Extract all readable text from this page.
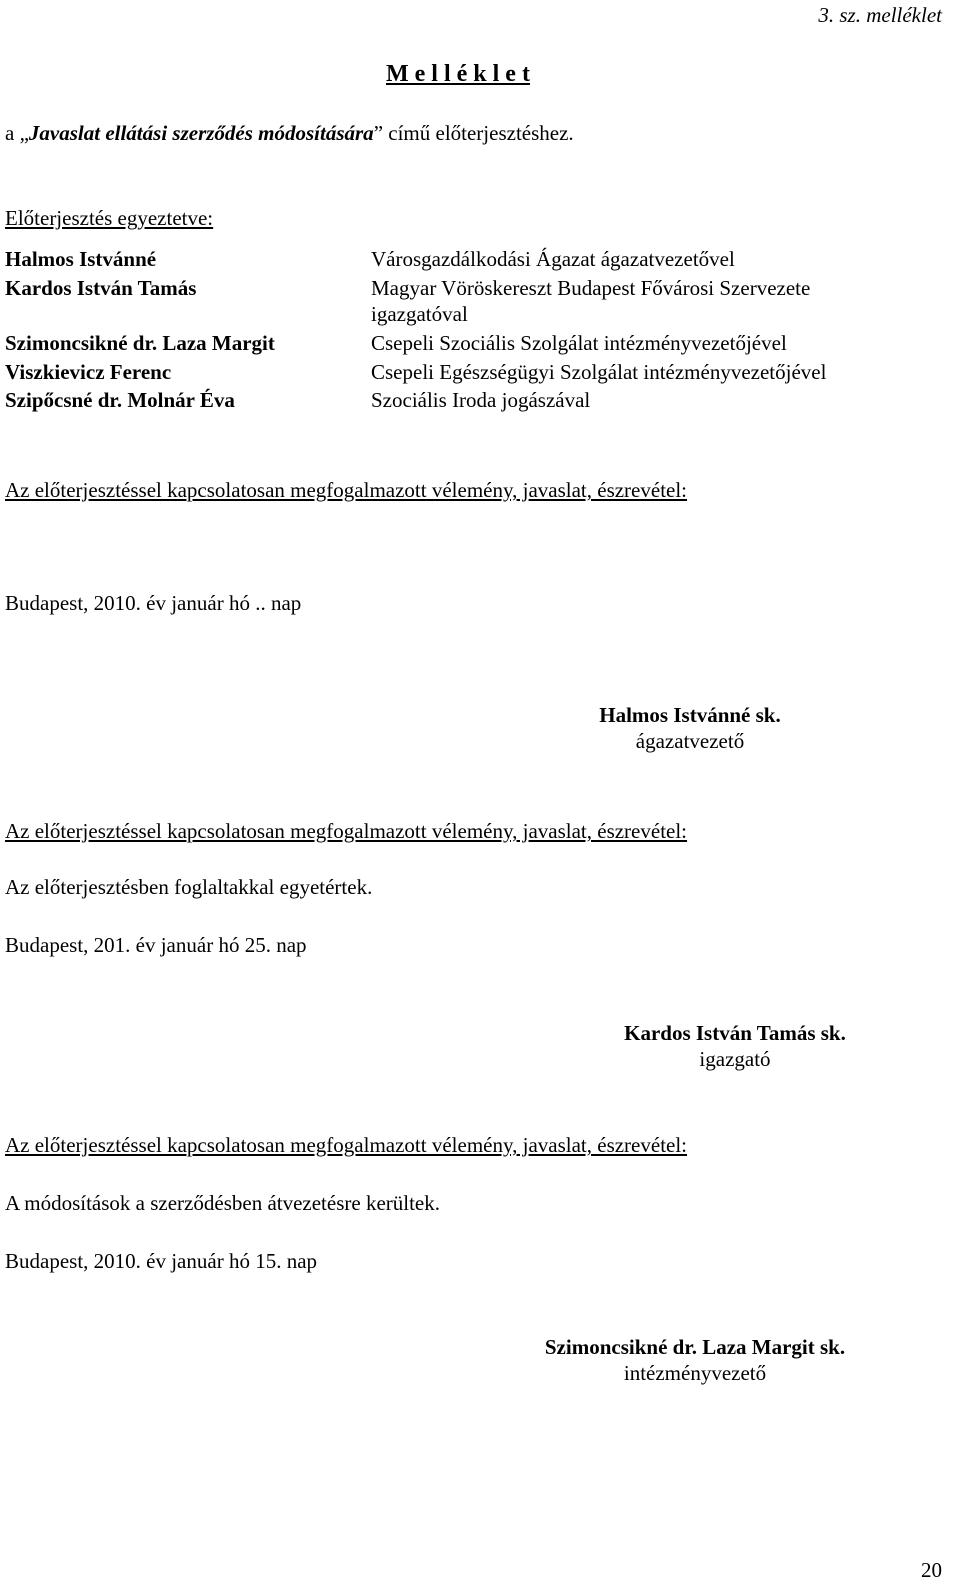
3. sz. melléklet
M e l l é k l e t
a „Javaslat ellátási szerződés módosítására” című előterjesztéshez.
Előterjesztés egyeztetve:
Halmos Istvánné	Városgazdálkodási Ágazat ágazatvezetővel
Kardos István Tamás	Magyar Vöröskereszt Budapest Fővárosi Szervezete
igazgatóval
Szimoncsikné dr. Laza Margit	Csepeli Szociális Szolgálat intézményvezetőjével
Viszkievicz Ferenc	Csepeli Egészségügyi Szolgálat intézményvezetőjével
Szipőcsné dr. Molnár Éva	Szociális Iroda jogászával
Az előterjesztéssel kapcsolatosan megfogalmazott vélemény, javaslat, észrevétel:
Budapest, 2010. év január hó .. nap
Halmos Istvánné sk.
ágazatvezető
Az előterjesztéssel kapcsolatosan megfogalmazott vélemény, javaslat, észrevétel:
Az előterjesztésben foglaltakkal egyetértek.
Budapest, 201. év január hó 25. nap
Kardos István Tamás sk.
igazgató
Az előterjesztéssel kapcsolatosan megfogalmazott vélemény, javaslat, észrevétel:
A módosítások a szerződésben átvezetésre kerültek.
Budapest, 2010. év január hó 15. nap
Szimoncsikné dr. Laza Margit sk.
intézményvezető
20
